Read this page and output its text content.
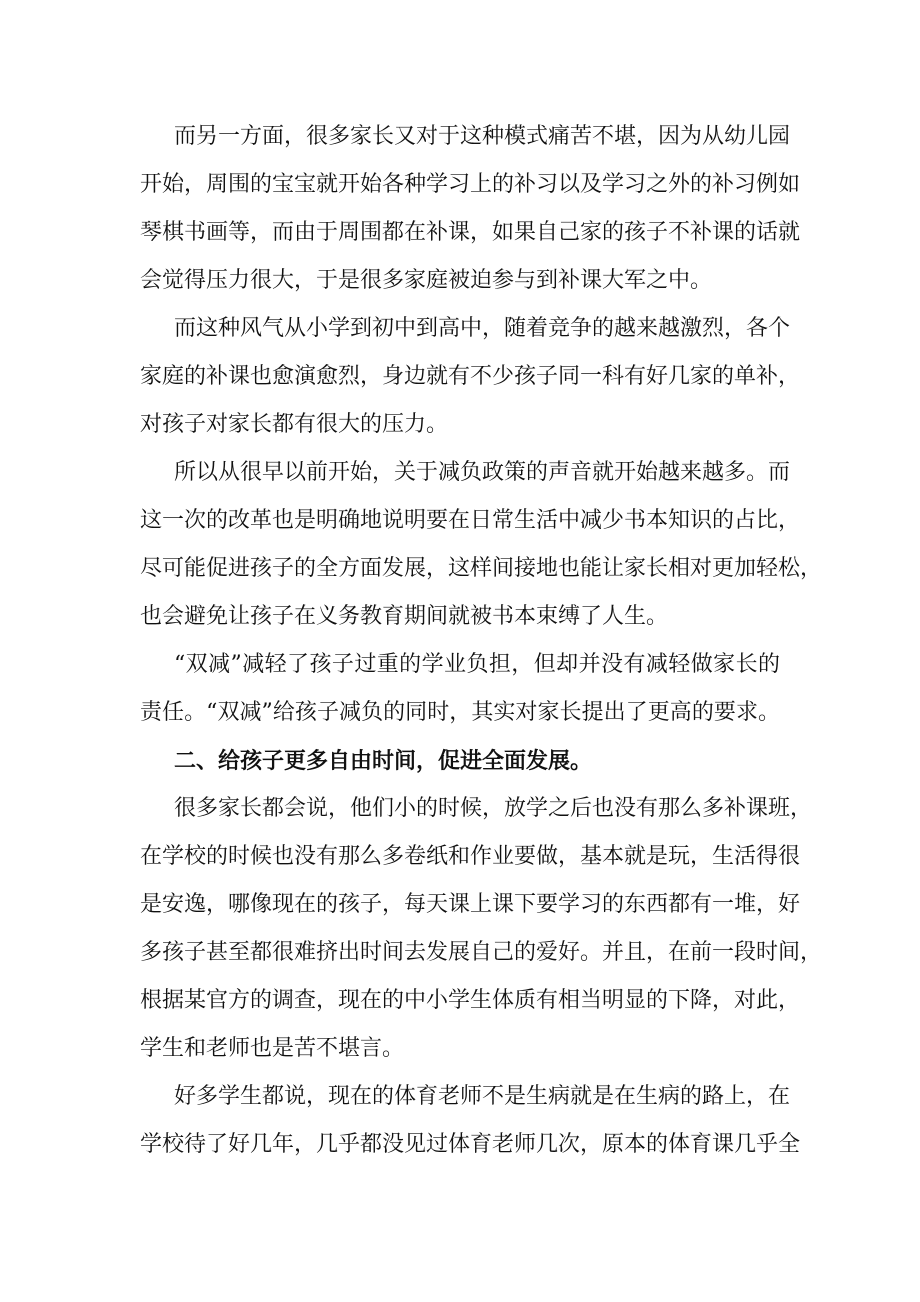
而另一方面，很多家长又对于这种模式痛苦不堪，因为从幼儿园

开始，周围的宝宝就开始各种学习上的补习以及学习之外的补习例如

琴棋书画等，而由于周围都在补课，如果自己家的孩子不补课的话就

会觉得压力很大，于是很多家庭被迫参与到补课大军之中。

而这种风气从小学到初中到高中，随着竞争的越来越激烈，各个

家庭的补课也愈演愈烈，身边就有不少孩子同一科有好几家的单补，

对孩子对家长都有很大的压力。

所以从很早以前开始，关于减负政策的声音就开始越来越多。而

这一次的改革也是明确地说明要在日常生活中减少书本知识的占比，

尽可能促进孩子的全方面发展，这样间接地也能让家长相对更加轻松，

也会避免让孩子在义务教育期间就被书本束缚了人生。

“双减”减轻了孩子过重的学业负担，但却并没有减轻做家长的

责任。“双减”给孩子减负的同时，其实对家长提出了更高的要求。

二、给孩子更多自由时间，促进全面发展。

很多家长都会说，他们小的时候，放学之后也没有那么多补课班，

在学校的时候也没有那么多卷纸和作业要做，基本就是玩，生活得很

是安逸，哪像现在的孩子，每天课上课下要学习的东西都有一堆，好

多孩子甚至都很难挤出时间去发展自己的爱好。并且，在前一段时间，

根据某官方的调查，现在的中小学生体质有相当明显的下降，对此，

学生和老师也是苦不堪言。

好多学生都说，现在的体育老师不是生病就是在生病的路上，在

学校待了好几年，几乎都没见过体育老师几次，原本的体育课几乎全
